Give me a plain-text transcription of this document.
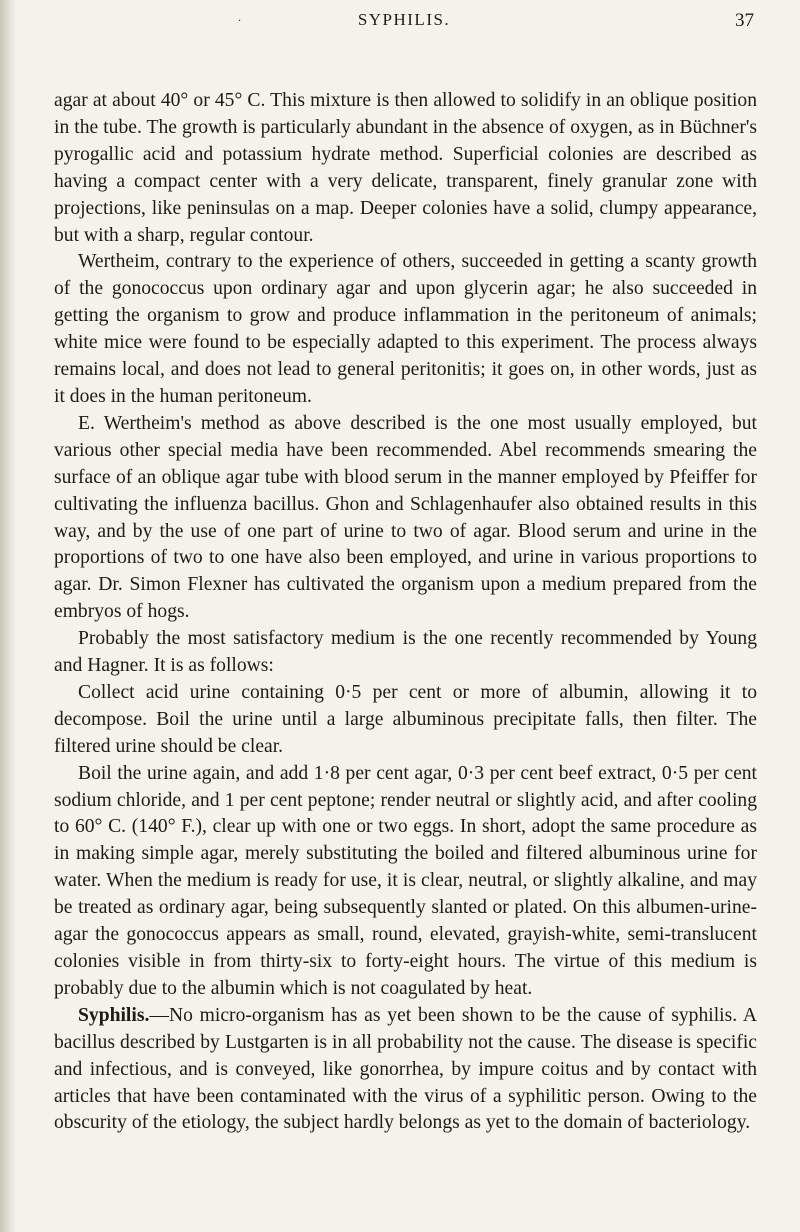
·	SYPHILIS.	37

agar at about 40° or 45° C. This mixture is then allowed to solidify in an oblique position in the tube. The growth is particularly abundant in the absence of oxygen, as in Büchner's pyrogallic acid and potassium hydrate method. Superficial colonies are described as having a compact center with a very delicate, transparent, finely granular zone with projections, like peninsulas on a map. Deeper colonies have a solid, clumpy appearance, but with a sharp, regular contour.

Wertheim, contrary to the experience of others, succeeded in getting a scanty growth of the gonococcus upon ordinary agar and upon glycerin agar; he also succeeded in getting the organism to grow and produce inflammation in the peritoneum of animals; white mice were found to be especially adapted to this experiment. The process always remains local, and does not lead to general peritonitis; it goes on, in other words, just as it does in the human peritoneum.

E. Wertheim's method as above described is the one most usually employed, but various other special media have been recommended. Abel recommends smearing the surface of an oblique agar tube with blood serum in the manner employed by Pfeiffer for cultivating the influenza bacillus. Ghon and Schlagenhaufer also obtained results in this way, and by the use of one part of urine to two of agar. Blood serum and urine in the proportions of two to one have also been employed, and urine in various proportions to agar. Dr. Simon Flexner has cultivated the organism upon a medium prepared from the embryos of hogs.

Probably the most satisfactory medium is the one recently recommended by Young and Hagner. It is as follows:

Collect acid urine containing 0·5 per cent or more of albumin, allowing it to decompose. Boil the urine until a large albuminous precipitate falls, then filter. The filtered urine should be clear.

Boil the urine again, and add 1·8 per cent agar, 0·3 per cent beef extract, 0·5 per cent sodium chloride, and 1 per cent peptone; render neutral or slightly acid, and after cooling to 60° C. (140° F.), clear up with one or two eggs. In short, adopt the same procedure as in making simple agar, merely substituting the boiled and filtered albuminous urine for water. When the medium is ready for use, it is clear, neutral, or slightly alkaline, and may be treated as ordinary agar, being subsequently slanted or plated. On this albumen-urine-agar the gonococcus appears as small, round, elevated, grayish-white, semi-translucent colonies visible in from thirty-six to forty-eight hours. The virtue of this medium is probably due to the albumin which is not coagulated by heat.

Syphilis.—No micro-organism has as yet been shown to be the cause of syphilis. A bacillus described by Lustgarten is in all probability not the cause. The disease is specific and infectious, and is conveyed, like gonorrhea, by impure coitus and by contact with articles that have been contaminated with the virus of a syphilitic person. Owing to the obscurity of the etiology, the subject hardly belongs as yet to the domain of bacteriology.
